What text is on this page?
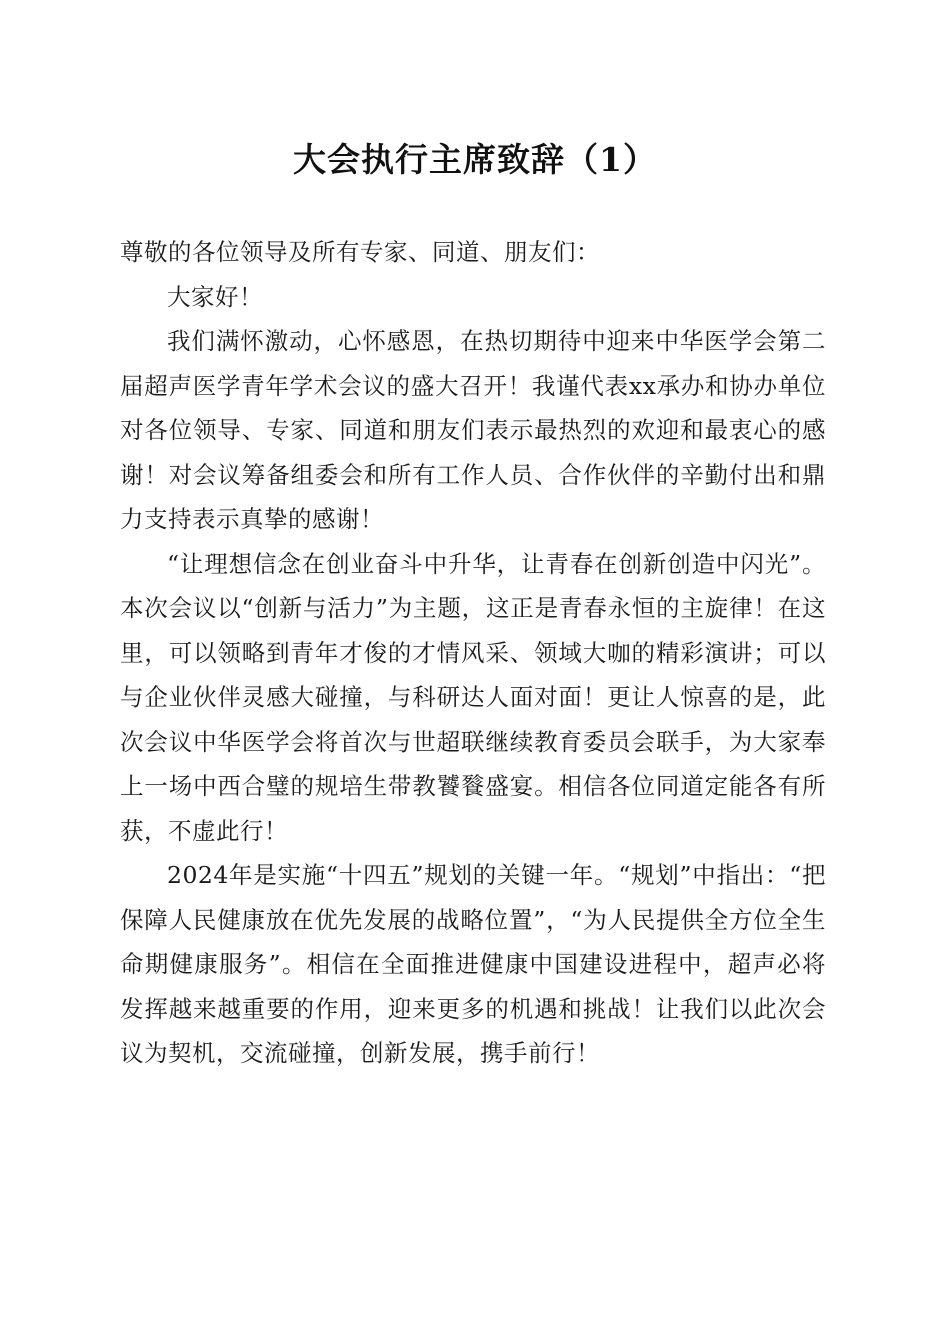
大会执行主席致辞（1）

尊敬的各位领导及所有专家、同道、朋友们：

大家好！

我们满怀激动，心怀感恩，在热切期待中迎来中华医学会第二届超声医学青年学术会议的盛大召开！我谨代表xx承办和协办单位对各位领导、专家、同道和朋友们表示最热烈的欢迎和最衷心的感谢！对会议筹备组委会和所有工作人员、合作伙伴的辛勤付出和鼎力支持表示真挚的感谢！

“让理想信念在创业奋斗中升华，让青春在创新创造中闪光”。本次会议以“创新与活力”为主题，这正是青春永恒的主旋律！在这里，可以领略到青年才俊的才情风采、领域大咖的精彩演讲；可以与企业伙伴灵感大碰撞，与科研达人面对面！更让人惊喜的是，此次会议中华医学会将首次与世超联继续教育委员会联手，为大家奉上一场中西合璧的规培生带教饕餮盛宴。相信各位同道定能各有所获，不虚此行！

2024年是实施“十四五”规划的关键一年。“规划”中指出：“把保障人民健康放在优先发展的战略位置”，“为人民提供全方位全生命期健康服务”。相信在全面推进健康中国建设进程中，超声必将发挥越来越重要的作用，迎来更多的机遇和挑战！让我们以此次会议为契机，交流碰撞，创新发展，携手前行！
